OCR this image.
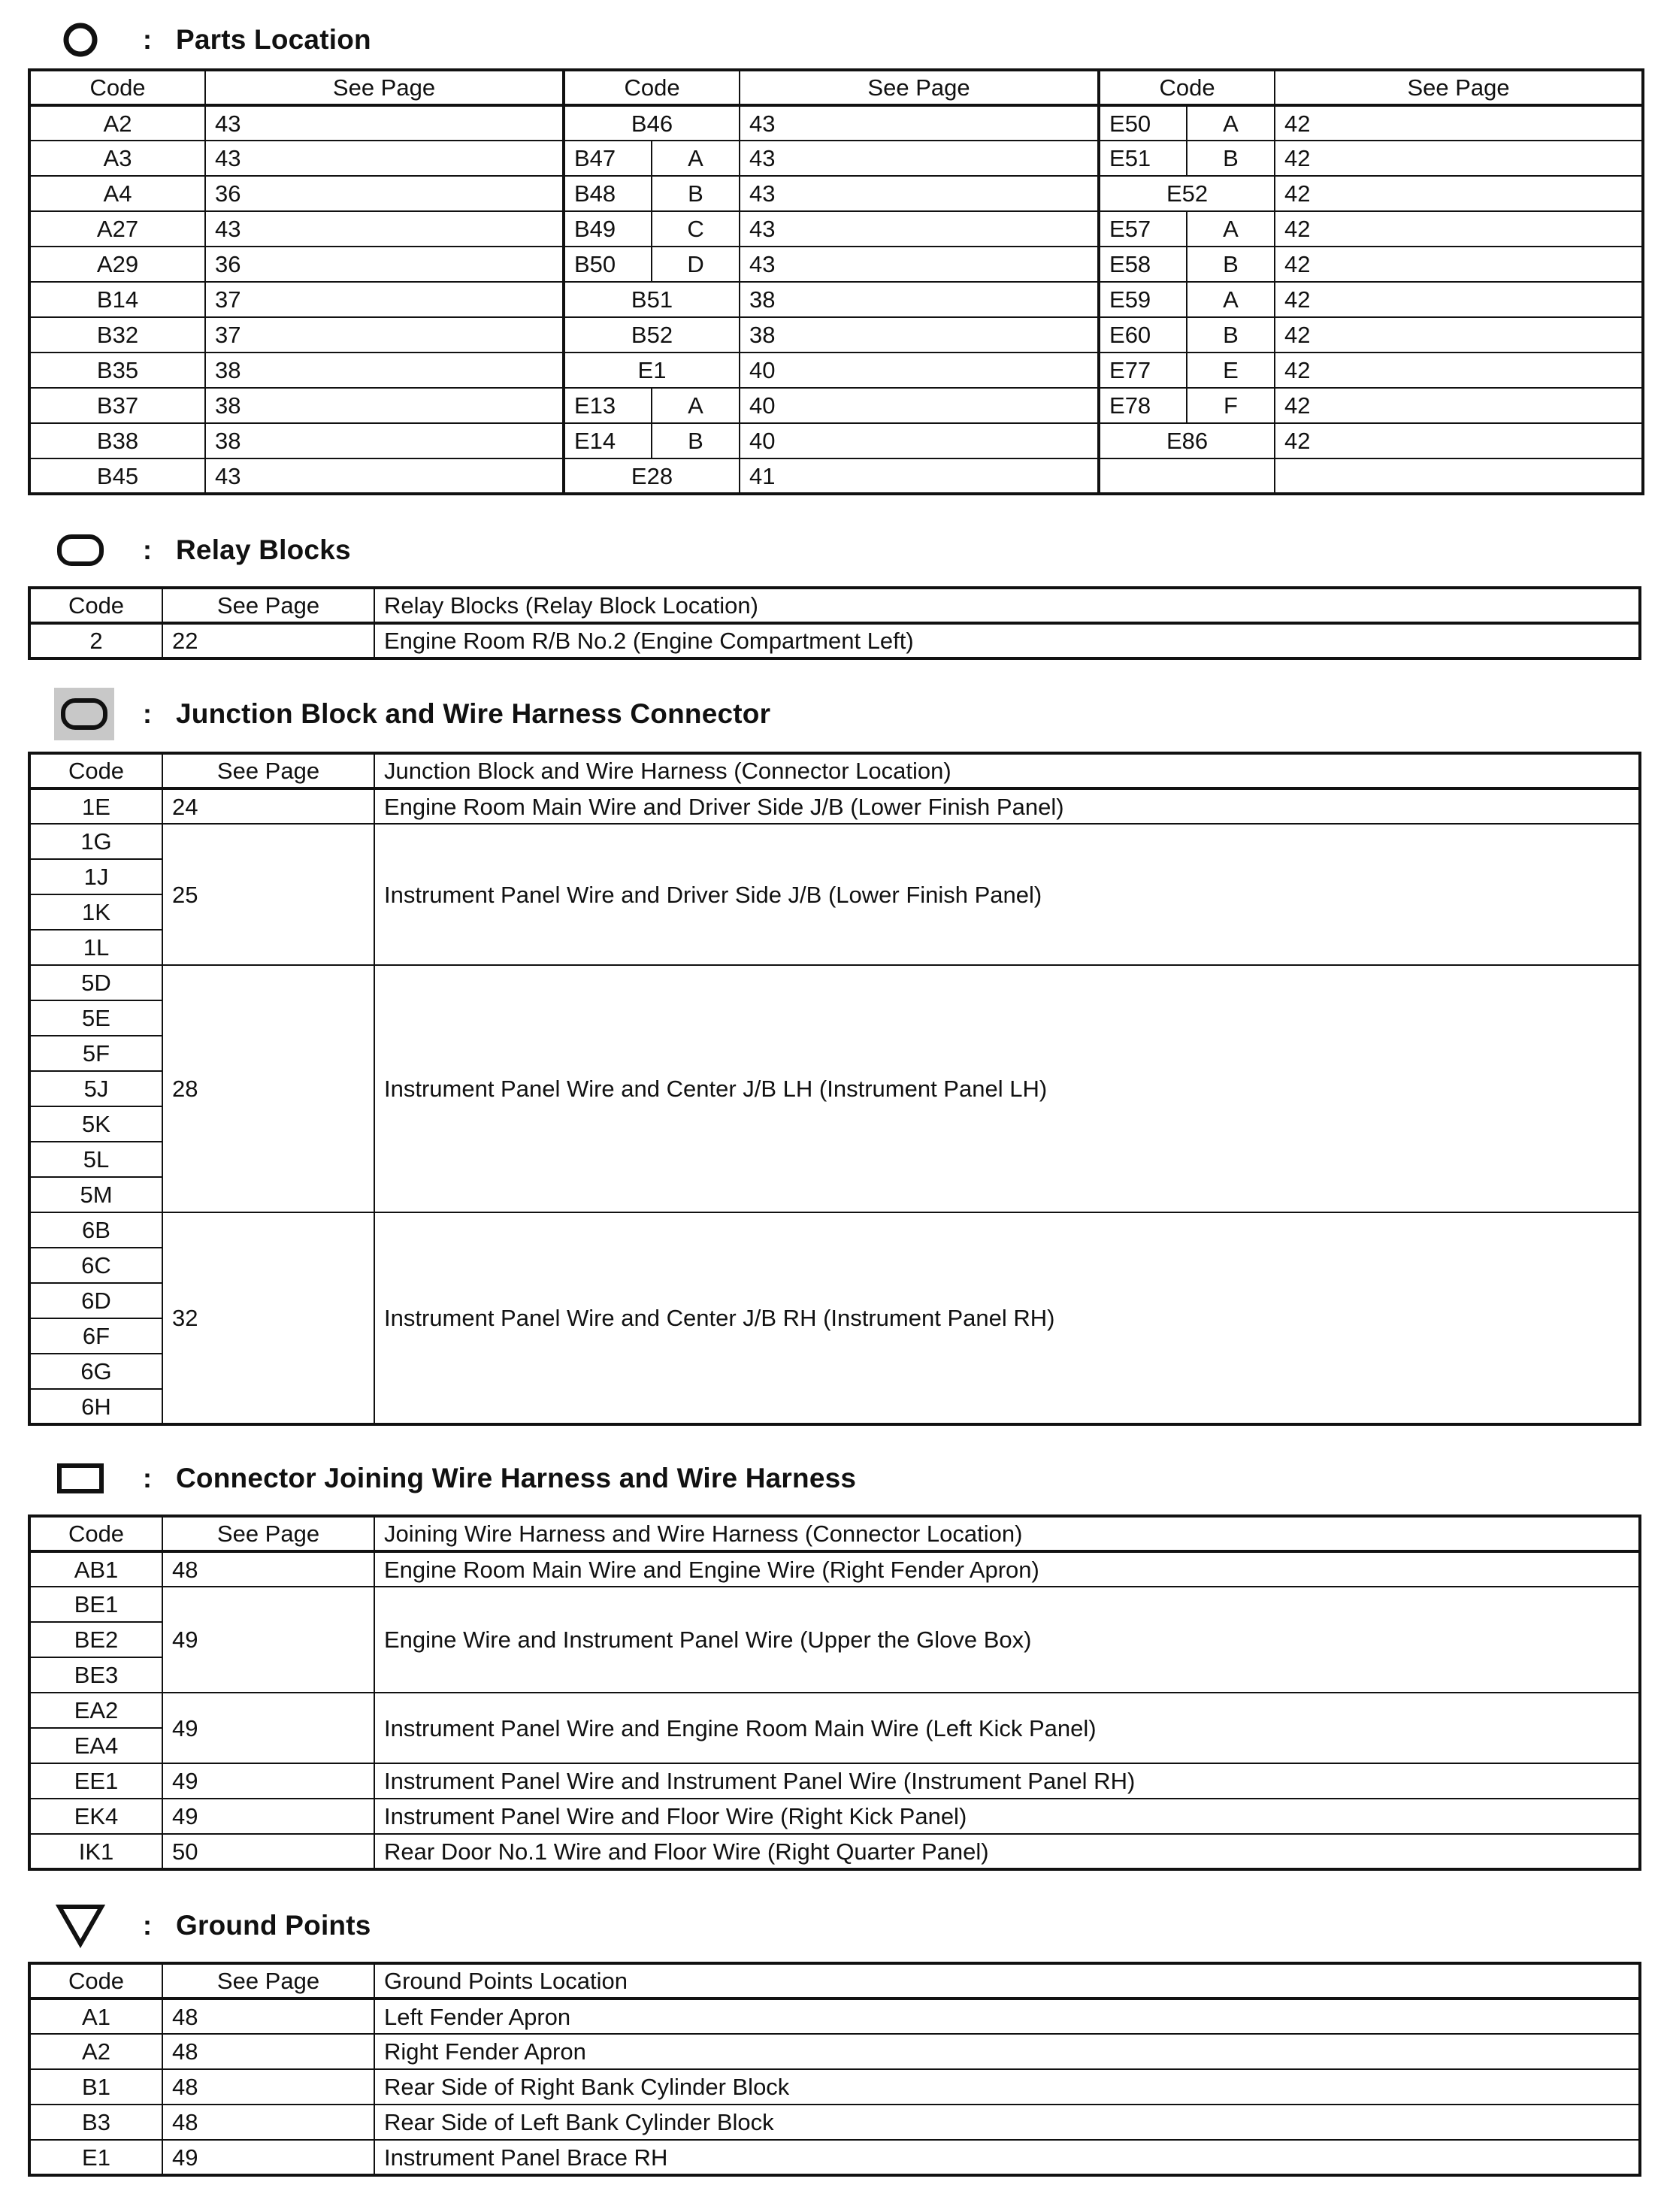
: Parts Location
Code	See Page	Code		See Page	Code		See Page
A2	43	B46		43	E50	A	42
A3	43	B47	A	43	E51	B	42
A4	36	B48	B	43	E52		42
A27	43	B49	C	43	E57	A	42
A29	36	B50	D	43	E58	B	42
B14	37	B51		38	E59	A	42
B32	37	B52		38	E60	B	42
B35	38	E1		40	E77	E	42
B37	38	E13	A	40	E78	F	42
B38	38	E14	B	40	E86		42
B45	43	E28		41			
: Relay Blocks
Code	See Page	Relay Blocks (Relay Block Location)
2	22	Engine Room R/B No.2 (Engine Compartment Left)
: Junction Block and Wire Harness Connector
Code	See Page	Junction Block and Wire Harness (Connector Location)
1E	24	Engine Room Main Wire and Driver Side J/B (Lower Finish Panel)
1G	25	Instrument Panel Wire and Driver Side J/B (Lower Finish Panel)
1J		
1K		
1L		
5D	28	Instrument Panel Wire and Center J/B LH (Instrument Panel LH)
5E		
5F		
5J		
5K		
5L		
5M		
6B	32	Instrument Panel Wire and Center J/B RH (Instrument Panel RH)
6C		
6D		
6F		
6G		
6H		
: Connector Joining Wire Harness and Wire Harness
Code	See Page	Joining Wire Harness and Wire Harness (Connector Location)
AB1	48	Engine Room Main Wire and Engine Wire (Right Fender Apron)
BE1	49	Engine Wire and Instrument Panel Wire (Upper the Glove Box)
BE2		
BE3		
EA2	49	Instrument Panel Wire and Engine Room Main Wire (Left Kick Panel)
EA4		
EE1	49	Instrument Panel Wire and Instrument Panel Wire (Instrument Panel RH)
EK4	49	Instrument Panel Wire and Floor Wire (Right Kick Panel)
IK1	50	Rear Door No.1 Wire and Floor Wire (Right Quarter Panel)
: Ground Points
Code	See Page	Ground Points Location
A1	48	Left Fender Apron
A2	48	Right Fender Apron
B1	48	Rear Side of Right Bank Cylinder Block
B3	48	Rear Side of Left Bank Cylinder Block
E1	49	Instrument Panel Brace RH
